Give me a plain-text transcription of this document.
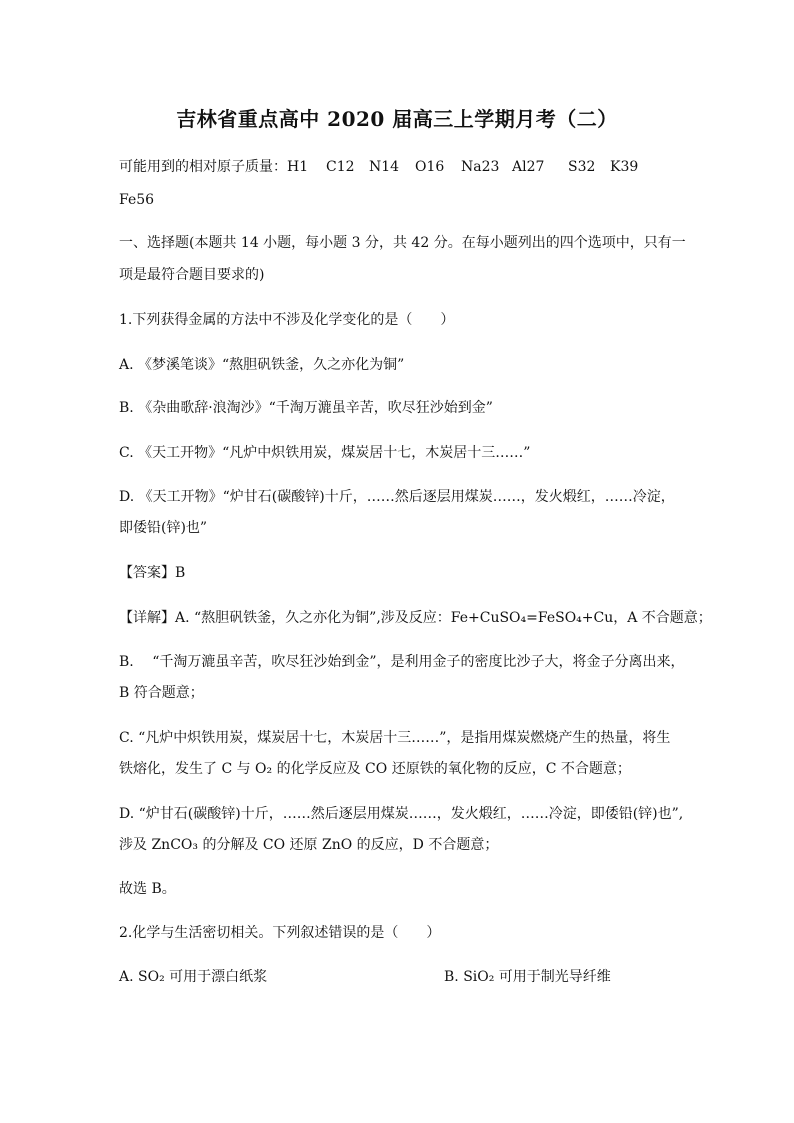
吉林省重点高中 2020 届高三上学期月考（二）
可能用到的相对原子质量：H1	C12 N14 O16 Na23 Al27 S32 K39
Fe56
一、选择题(本题共 14 小题，每小题 3 分，共 42 分。在每小题列出的四个选项中，只有一
项是最符合题目要求的)
1.下列获得金属的方法中不涉及化学变化的是（　　）
A. 《梦溪笔谈》“熬胆矾铁釜，久之亦化为铜”
B. 《杂曲歌辞·浪淘沙》“千淘万漉虽辛苦，吹尽狂沙始到金”
C. 《天工开物》“凡炉中炽铁用炭，煤炭居十七，木炭居十三……”
D. 《天工开物》“炉甘石(碳酸锌)十斤，……然后逐层用煤炭……，发火煅红，……冷淀，
即倭铅(锌)也”
【答案】B
【详解】A. “熬胆矾铁釜，久之亦化为铜”,涉及反应：Fe+CuSO₄=FeSO₄+Cu，A 不合题意；
B. 　“千淘万漉虽辛苦，吹尽狂沙始到金”，是利用金子的密度比沙子大，将金子分离出来，
B 符合题意；
C. “凡炉中炽铁用炭，煤炭居十七，木炭居十三……”，是指用煤炭燃烧产生的热量，将生
铁熔化，发生了 C 与 O₂ 的化学反应及 CO 还原铁的氧化物的反应，C 不合题意；
D. “炉甘石(碳酸锌)十斤，……然后逐层用煤炭……，发火煅红，……冷淀，即倭铅(锌)也”,
涉及 ZnCO₃ 的分解及 CO 还原 ZnO 的反应，D 不合题意；
故选 B。
2.化学与生活密切相关。下列叙述错误的是（　　）
A. SO₂ 可用于漂白纸浆	B. SiO₂ 可用于制光导纤维
